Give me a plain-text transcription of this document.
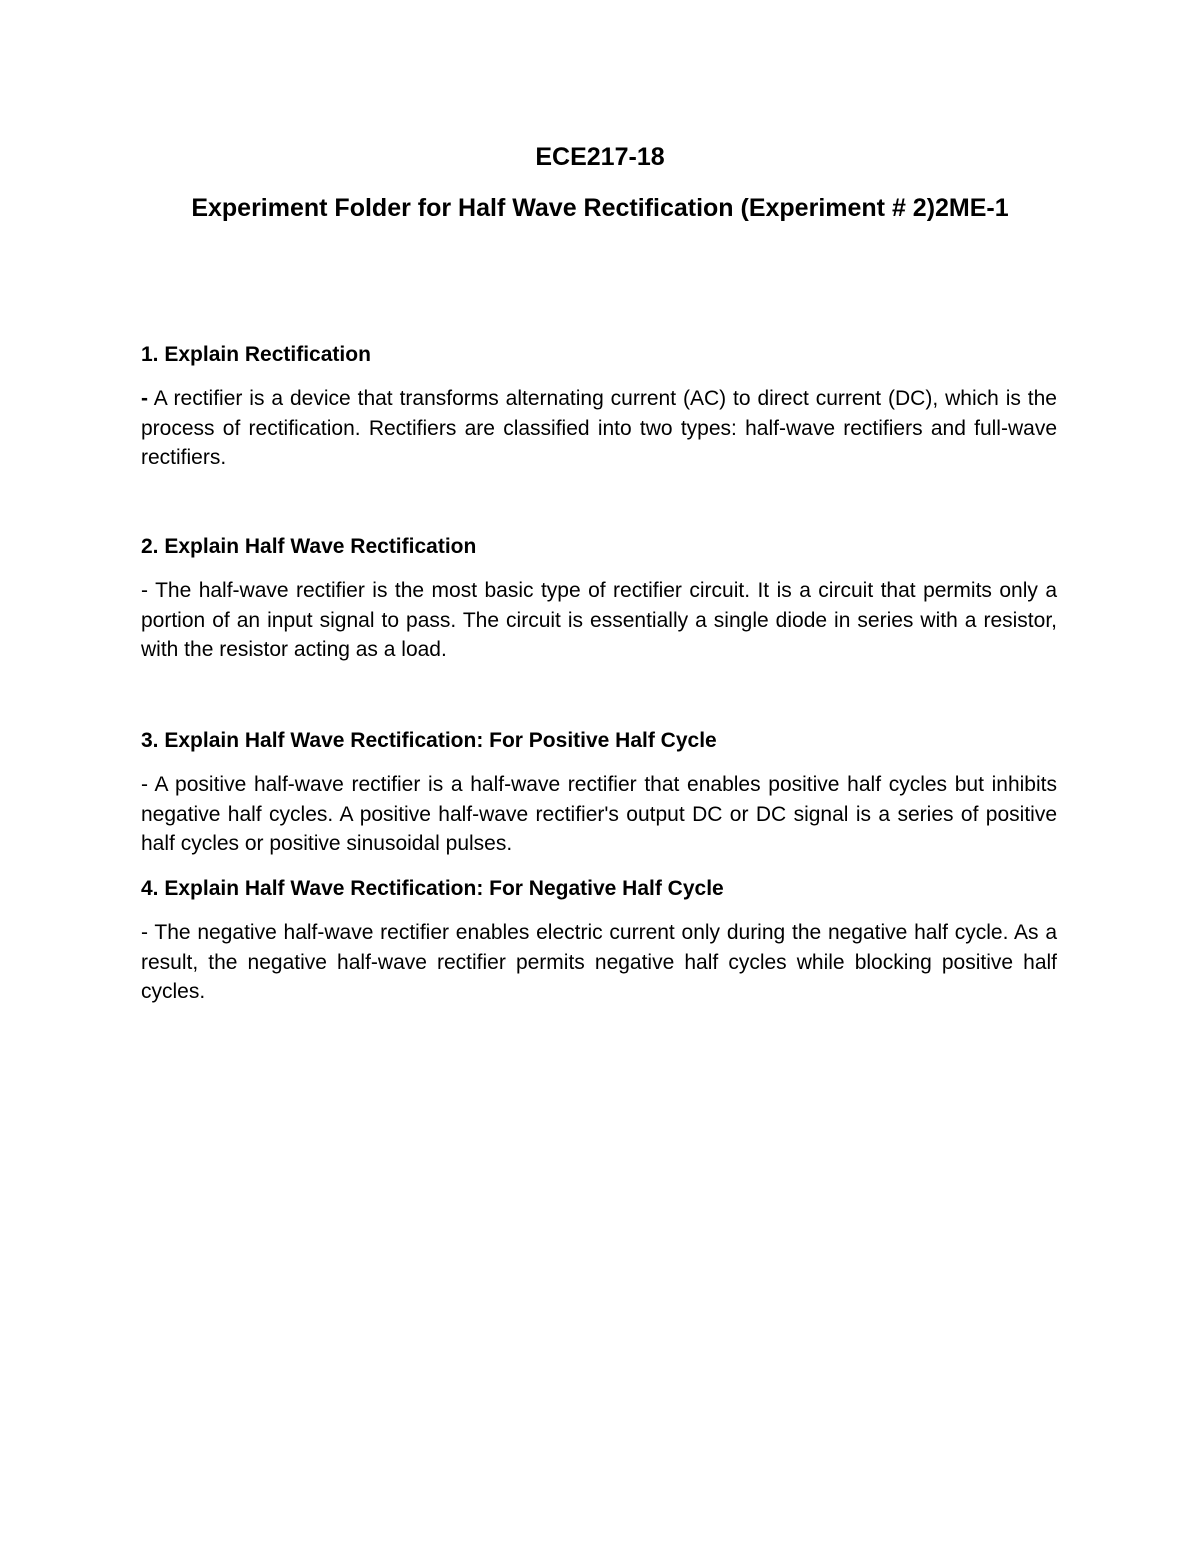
ECE217-18
Experiment Folder for Half Wave Rectification (Experiment # 2)2ME-1

1. Explain Rectification

- A rectifier is a device that transforms alternating current (AC) to direct current (DC), which is the process of rectification. Rectifiers are classified into two types: half-wave rectifiers and full-wave rectifiers.

2. Explain Half Wave Rectification

- The half-wave rectifier is the most basic type of rectifier circuit. It is a circuit that permits only a portion of an input signal to pass. The circuit is essentially a single diode in series with a resistor, with the resistor acting as a load.

3. Explain Half Wave Rectification: For Positive Half Cycle

- A positive half-wave rectifier is a half-wave rectifier that enables positive half cycles but inhibits negative half cycles. A positive half-wave rectifier's output DC or DC signal is a series of positive half cycles or positive sinusoidal pulses.

4. Explain Half Wave Rectification: For Negative Half Cycle

- The negative half-wave rectifier enables electric current only during the negative half cycle. As a result, the negative half-wave rectifier permits negative half cycles while blocking positive half cycles.
